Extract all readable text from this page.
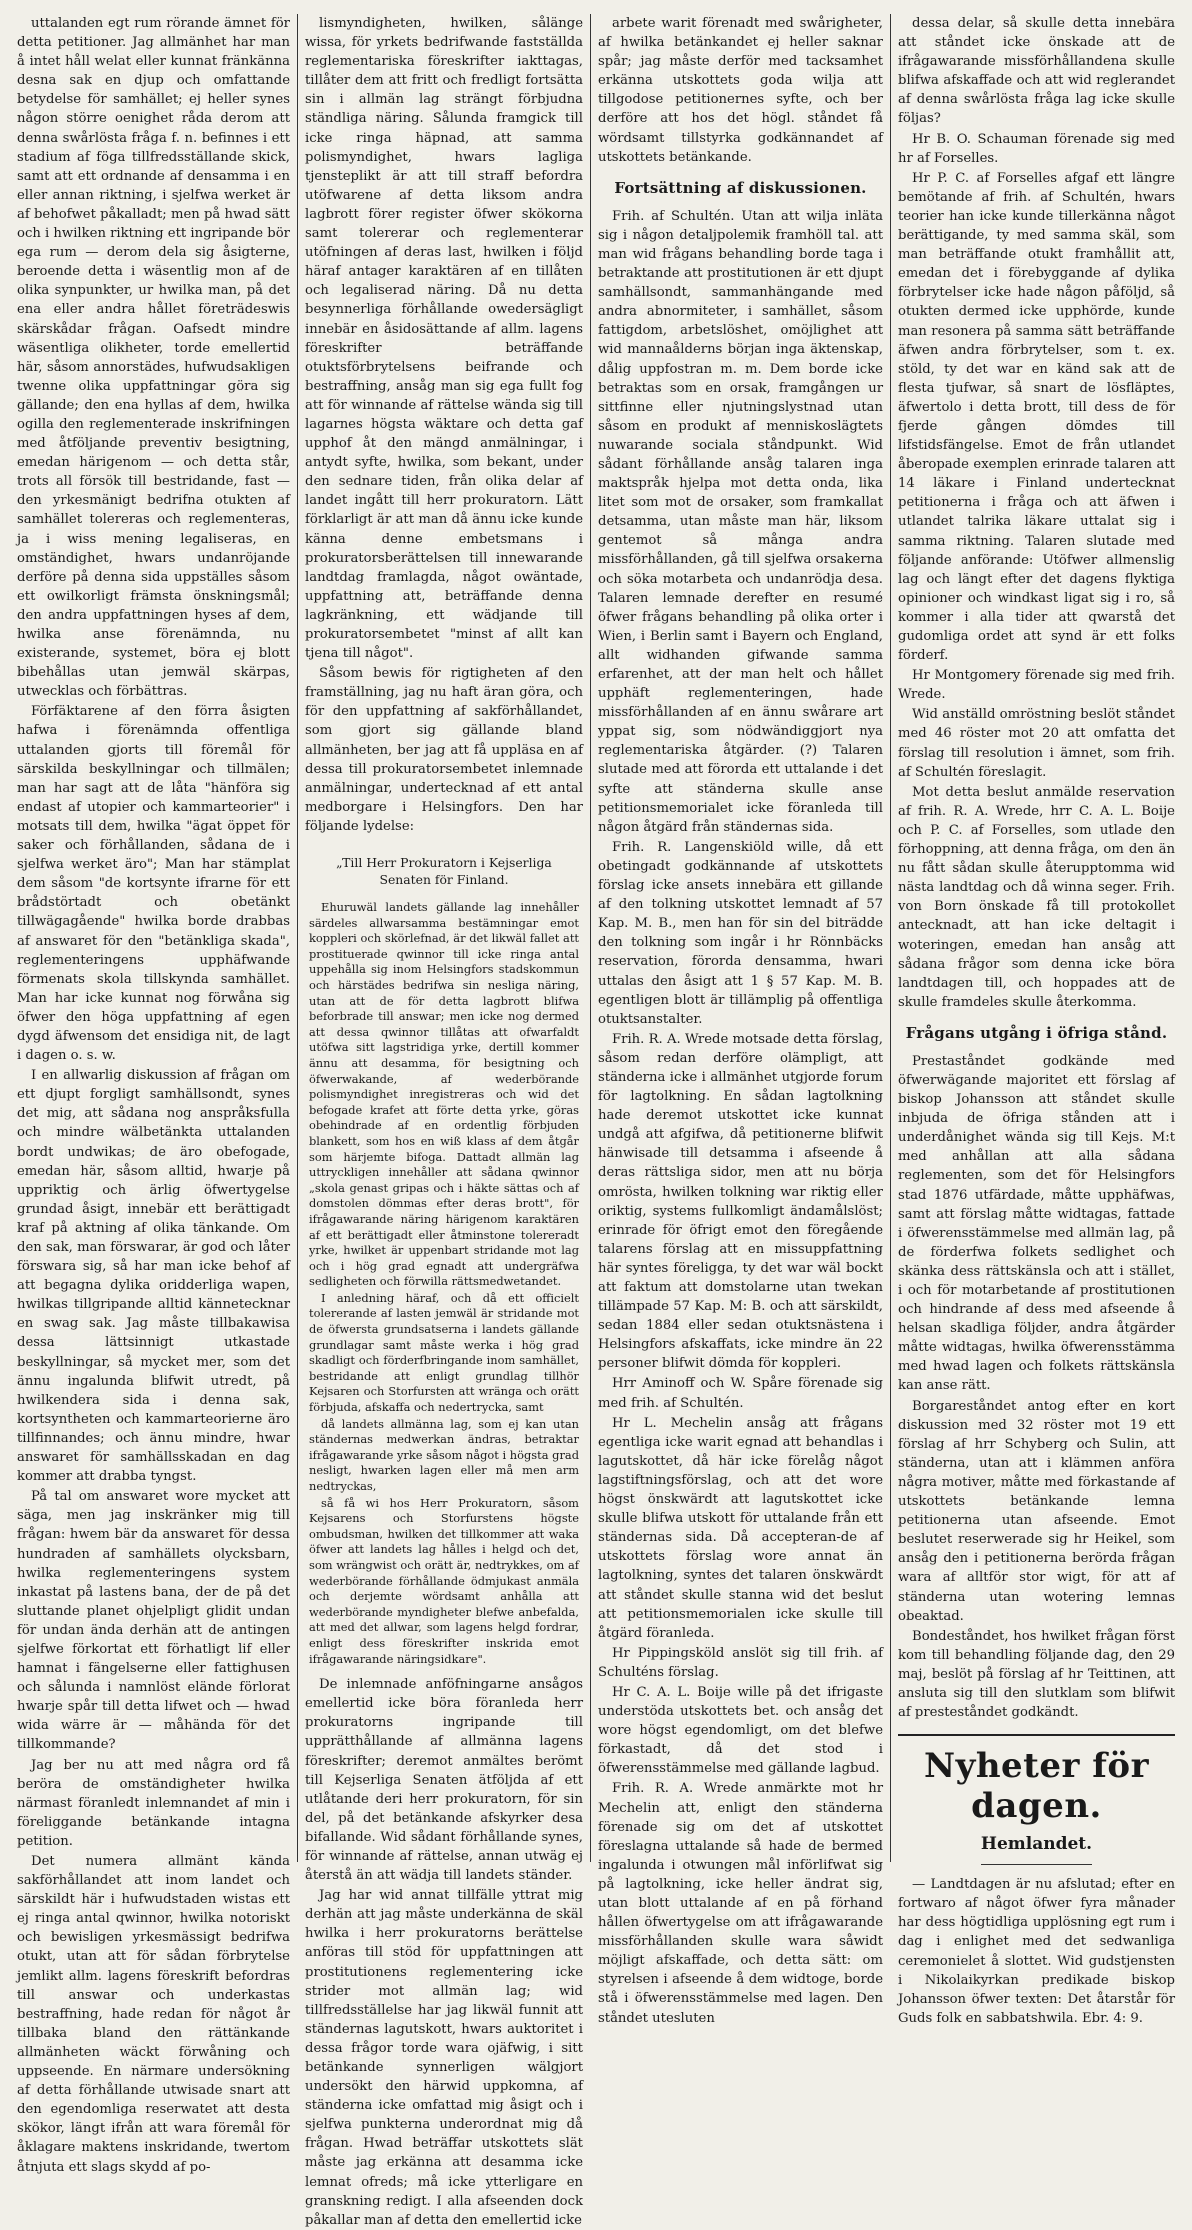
uttalanden egt rum rörande ämnet för detta petitioner. Jag allmänhet har man å intet håll welat eller kunnat fränkänna desna sak en djup och omfattande betydelse för samhället; ej heller synes någon större oenighet råda derom att denna swårlösta fråga f. n. befinnes i ett stadium af föga tillfredsställande skick, samt att ett ordnande af densamma i en eller annan riktning, i sjelfwa werket är af behofwet påkalladt; men på hwad sätt och i hwilken riktning ett ingripande bör ega rum — derom dela sig åsigterne, beroende detta i wäsentlig mon af de olika synpunkter, ur hwilka man, på det ena eller andra hållet företrädeswis skärskådar frågan. Oafsedt mindre wäsentliga olikheter, torde emellertid här, såsom annorstädes, hufwudsakligen twenne olika uppfattningar göra sig gällande; den ena hyllas af dem, hwilka ogilla den reglementerade inskrifningen med åtföljande preventiv besigtning, emedan härigenom — och detta står, trots all försök till bestridande, fast — den yrkesmänigt bedrifna otukten af samhället tolereras och reglementeras, ja i wiss mening legaliseras, en omständighet, hwars undanröjande derföre på denna sida uppställes såsom ett owilkorligt främsta önskningsmål; den andra uppfattningen hyses af dem, hwilka anse förenämnda, nu existerande, systemet, böra ej blott bibehållas utan jemwäl skärpas, utwecklas och förbättras.

Förfäktarene af den förra åsigten hafwa i förenämnda offentliga uttalanden gjorts till föremål för särskilda beskyllningar och tillmälen; man har sagt att de låta "hänföra sig endast af utopier och kammarteorier" i motsats till dem, hwilka "ägat öppet för saker och förhållanden, sådana de i sjelfwa werket äro"; Man har stämplat dem såsom "de kortsynte ifrarne för ett brådstörtadt och obetänkt tillwägagående" hwilka borde drabbas af answaret för den "betänkliga skada", reglementeringens upphäfwande förmenats skola tillskynda samhället. Man har icke kunnat nog förwåna sig öfwer den höga uppfattning af egen dygd äfwensom det ensidiga nit, de lagt i dagen o. s. w.

I en allwarlig diskussion af frågan om ett djupt forgligt samhällsondt, synes det mig, att sådana nog anspråksfulla och mindre wälbetänkta uttalanden bordt undwikas; de äro obefogade, emedan här, såsom alltid, hwarje på uppriktig och ärlig öfwertygelse grundad åsigt, innebär ett berättigadt kraf på aktning af olika tänkande. Om den sak, man förswarar, är god och låter förswara sig, så har man icke behof af att begagna dylika oridderliga wapen, hwilkas tillgripande alltid kännetecknar en swag sak. Jag måste tillbakawisa dessa lättsinnigt utkastade beskyllningar, så mycket mer, som det ännu ingalunda blifwit utredt, på hwilkendera sida i denna sak, kortsyntheten och kammarteorierne äro tillfinnandes; och ännu mindre, hwar answaret för samhällsskadan en dag kommer att drabba tyngst.

På tal om answaret wore mycket att säga, men jag inskränker mig till frågan: hwem bär da answaret för dessa hundraden af samhällets olycksbarn, hwilka reglementeringens system inkastat på lastens bana, der de på det sluttande planet ohjelpligt glidit undan för undan ända derhän att de antingen sjelfwe förkortat ett förhatligt lif eller hamnat i fängelserne eller fattighusen och sålunda i namnlöst elände förlorat hwarje spår till detta lifwet och — hwad wida wärre är — måhända för det tillkommande?

Jag ber nu att med några ord få beröra de omständigheter hwilka närmast föranledt inlemnandet af min i föreliggande betänkande intagna petition.

Det numera allmänt kända sakförhållandet att inom landet och särskildt här i hufwudstaden wistas ett ej ringa antal qwinnor, hwilka notoriskt och bewisligen yrkesmässigt bedrifwa otukt, utan att för sådan förbrytelse jemlikt allm. lagens föreskrift befordras till answar och underkastas bestraffning, hade redan för något år tillbaka bland den rättänkande allmänheten wäckt förwåning och uppseende. En närmare undersökning af detta förhållande utwisade snart att den egendomliga reserwatet att desta skökor, längt ifrån att wara föremål för åklagare maktens inskridande, twertom åtnjuta ett slags skydd af po-

lismyndigheten, hwilken, sålänge wissa, för yrkets bedrifwande fastställda reglementariska föreskrifter iakttagas, tillåter dem att fritt och fredligt fortsätta sin i allmän lag strängt förbjudna ständliga näring. Sålunda framgick till icke ringa häpnad, att samma polismyndighet, hwars lagliga tjensteplikt är att till straff befordra utöfwarene af detta liksom andra lagbrott förer register öfwer skökorna samt tolererar och reglementerar utöfningen af deras last, hwilken i följd häraf antager karaktären af en tillåten och legaliserad näring. Då nu detta besynnerliga förhållande owedersägligt innebär en åsidosättande af allm. lagens föreskrifter beträffande otuktsförbrytelsens beifrande och bestraffning, ansåg man sig ega fullt fog att för winnande af rättelse wända sig till lagarnes högsta wäktare och detta gaf upphof åt den mängd anmälningar, i antydt syfte, hwilka, som bekant, under den sednare tiden, från olika delar af landet ingått till herr prokuratorn. Lätt förklarligt är att man då ännu icke kunde känna denne embetsmans i prokuratorsberättelsen till innewarande landtdag framlagda, något owäntade, uppfattning att, beträffande denna lagkränkning, ett wädjande till prokuratorsembetet "minst af allt kan tjena till något".

Såsom bewis för rigtigheten af den framställning, jag nu haft äran göra, och för den uppfattning af sakförhållandet, som gjort sig gällande bland allmänheten, ber jag att få uppläsa en af dessa till prokuratorsembetet inlemnade anmälningar, undertecknad af ett antal medborgare i Helsingfors. Den har följande lydelse:

„Till Herr Prokuratorn i Kejserliga Senaten för Finland.

Ehuruwäl landets gällande lag innehåller särdeles allwarsamma bestämningar emot koppleri och skörlefnad, är det likwäl fallet att prostituerade qwinnor till icke ringa antal uppehålla sig inom Helsingfors stadskommun och härstädes bedrifwa sin nesliga näring, utan att de för detta lagbrott blifwa beforbrade till answar; men icke nog dermed att dessa qwinnor tillåtas att ofwarfaldt utöfwa sitt lagstridiga yrke, dertill kommer ännu att desamma, för besigtning och öfwerwakande, af wederbörande polismyndighet inregistreras och wid det befogade krafet att förte detta yrke, göras obehindrade af en ordentlig förbjuden blankett, som hos en wiß klass af dem åtgår som härjemte bifoga. Dattadt allmän lag uttryckligen innehåller att sådana qwinnor „skola genast gripas och i häkte sättas och af domstolen dömmas efter deras brott", för ifrågawarande näring härigenom karaktären af ett berättigadt eller åtminstone tolereradt yrke, hwilket är uppenbart stridande mot lag och i hög grad egnadt att undergräfwa sedligheten och förwilla rättsmedwetandet.

I anledning häraf, och då ett officielt tolererande af lasten jemwäl är stridande mot de öfwersta grundsatserna i landets gällande grundlagar samt måste werka i hög grad skadligt och förderfbringande inom samhället, bestridande att enligt grundlag tillhör Kejsaren och Storfursten att wränga och orätt förbjuda, afskaffa och nedertrycka, samt

då landets allmänna lag, som ej kan utan ständernas medwerkan ändras, betraktar ifrågawarande yrke såsom något i högsta grad nesligt, hwarken lagen eller må men arm nedtryckas,

så få wi hos Herr Prokuratorn, såsom Kejsarens och Storfurstens högste ombudsman, hwilken det tillkommer att waka öfwer att landets lag hålles i helgd och det, som wrängwist och orätt är, nedtrykkes, om af wederbörande förhållande ödmjukast anmäla och derjemte wördsamt anhålla att wederbörande myndigheter blefwe anbefalda, att med det allwar, som lagens helgd fordrar, enligt dess föreskrifter inskrida emot ifrågawarande näringsidkare".

De inlemnade anföfningarne ansågos emellertid icke böra föranleda herr prokuratorns ingripande till upprätthållande af allmänna lagens föreskrifter; deremot anmältes berömt till Kejserliga Senaten ätföljda af ett utlåtande deri herr prokuratorn, för sin del, på det betänkande afskyrker desa bifallande. Wid sådant förhållande synes, för winnande af rättelse, annan utwäg ej återstå än att wädja till landets ständer.

Jag har wid annat tillfälle yttrat mig derhän att jag måste underkänna de skäl hwilka i herr prokuratorns berättelse anföras till stöd för uppfattningen att prostitutionens reglementering icke strider mot allmän lag; wid tillfredsställelse har jag likwäl funnit att ständernas lagutskott, hwars auktoritet i dessa frågor torde wara ojäfwig, i sitt betänkande synnerligen wälgjort undersökt den härwid uppkomna, af ständerna icke omfattad mig åsigt och i sjelfwa punkterna underordnat mig då frågan. Hwad beträffar utskottets slät måste jag erkänna att desamma icke lemnat ofreds; må icke ytterligare en granskning redigt. I alla afseenden dock påkallar man af detta den emellertid icke

arbete warit förenadt med swårigheter, af hwilka betänkandet ej heller saknar spår; jag måste derför med tacksamhet erkänna utskottets goda wilja att tillgodose petitionernes syfte, och ber derföre att hos det högl. ståndet få wördsamt tillstyrka godkännandet af utskottets betänkande.

Fortsättning af diskussionen.

Frih. af Schultén. Utan att wilja inläta sig i någon detaljpolemik framhöll tal. att man wid frågans behandling borde taga i betraktande att prostitutionen är ett djupt samhällsondt, sammanhängande med andra abnormiteter, i samhället, såsom fattigdom, arbetslöshet, omöjlighet att wid mannaålderns början inga äktenskap, dålig uppfostran m. m. Dem borde icke betraktas som en orsak, framgången ur sittfinne eller njutningslystnad utan såsom en produkt af menniskoslägtets nuwarande sociala ståndpunkt. Wid sådant förhållande ansåg talaren inga maktspråk hjelpa mot detta onda, lika litet som mot de orsaker, som framkallat detsamma, utan måste man här, liksom gentemot så många andra missförhållanden, gå till sjelfwa orsakerna och söka motarbeta och undanrödja desa. Talaren lemnade derefter en resumé öfwer frågans behandling på olika orter i Wien, i Berlin samt i Bayern och England, allt widhanden gifwande samma erfarenhet, att der man helt och hållet upphäft reglementeringen, hade missförhållanden af en ännu swårare art yppat sig, som nödwändiggjort nya reglementariska åtgärder. (?) Talaren slutade med att förorda ett uttalande i det syfte att ständerna skulle anse petitionsmemorialet icke föranleda till någon åtgärd från ständernas sida.

Frih. R. Langenskiöld wille, då ett obetingadt godkännande af utskottets förslag icke ansets innebära ett gillande af den tolkning utskottet lemnadt af 57 Kap. M. B., men han för sin del biträdde den tolkning som ingår i hr Rönnbäcks reservation, förorda densamma, hwari uttalas den åsigt att 1 § 57 Kap. M. B. egentligen blott är tillämplig på offentliga otuktsanstalter.

Frih. R. A. Wrede motsade detta förslag, såsom redan derföre olämpligt, att ständerna icke i allmänhet utgjorde forum för lagtolkning. En sådan lagtolkning hade deremot utskottet icke kunnat undgå att afgifwa, då petitionerne blifwit hänwisade till detsamma i afseende å deras rättsliga sidor, men att nu börja omrösta, hwilken tolkning war riktig eller oriktig, systems fullkomligt ändamålslöst; erinrade för öfrigt emot den föregående talarens förslag att en missuppfattning här syntes föreligga, ty det war wäl bockt att faktum att domstolarne utan twekan tillämpade 57 Kap. M: B. och att särskildt, sedan 1884 eller sedan otuktsnästena i Helsingfors afskaffats, icke mindre än 22 personer blifwit dömda för koppleri.

Hrr Aminoff och W. Spåre förenade sig med frih. af Schultén.

Hr L. Mechelin ansåg att frågans egentliga icke warit egnad att behandlas i lagutskottet, då här icke förelåg något lagstiftningsförslag, och att det wore högst önskwärdt att lagutskottet icke skulle blifwa utskott för uttalande från ett ständernas sida. Då accepteran-de af utskottets förslag wore annat än lagtolkning, syntes det talaren önskwärdt att ståndet skulle stanna wid det beslut att petitionsmemorialen icke skulle till åtgärd föranleda.

Hr Pippingsköld anslöt sig till frih. af Schulténs förslag.

Hr C. A. L. Boije wille på det ifrigaste understöda utskottets bet. och ansåg det wore högst egendomligt, om det blefwe förkastadt, då det stod i öfwerensstämmelse med gällande lagbud.

Frih. R. A. Wrede anmärkte mot hr Mechelin att, enligt den ständerna förenade sig om det af utskottet föreslagna uttalande så hade de bermed ingalunda i otwungen mål införlifwat sig på lagtolkning, icke heller ändrat sig, utan blott uttalande af en på förhand hållen öfwertygelse om att ifrågawarande missförhållanden skulle wara såwidt möjligt afskaffade, och detta sätt: om styrelsen i afseende å dem widtoge, borde stå i öfwerensstämmelse med lagen. Den ståndet utesluten

dessa delar, så skulle detta innebära att ståndet icke önskade att de ifrågawarande missförhållandena skulle blifwa afskaffade och att wid reglerandet af denna swårlösta fråga lag icke skulle följas?

Hr B. O. Schauman förenade sig med hr af Forselles.

Hr P. C. af Forselles afgaf ett längre bemötande af frih. af Schultén, hwars teorier han icke kunde tillerkänna något berättigande, ty med samma skäl, som man beträffande otukt framhållit att, emedan det i förebyggande af dylika förbrytelser icke hade någon påföljd, så otukten dermed icke upphörde, kunde man resonera på samma sätt beträffande äfwen andra förbrytelser, som t. ex. stöld, ty det war en känd sak att de flesta tjufwar, så snart de lösfläptes, äfwertolo i detta brott, till dess de för fjerde gången dömdes till lifstidsfängelse. Emot de från utlandet åberopade exemplen erinrade talaren att 14 läkare i Finland undertecknat petitionerna i fråga och att äfwen i utlandet talrika läkare uttalat sig i samma riktning. Talaren slutade med följande anförande: Utöfwer allmenslig lag och längt efter det dagens flyktiga opinioner och windkast ligat sig i ro, så kommer i alla tider att qwarstå det gudomliga ordet att synd är ett folks förderf.

Hr Montgomery förenade sig med frih. Wrede.

Wid anställd omröstning beslöt ståndet med 46 röster mot 20 att omfatta det förslag till resolution i ämnet, som frih. af Schultén föreslagit.

Mot detta beslut anmälde reservation af frih. R. A. Wrede, hrr C. A. L. Boije och P. C. af Forselles, som utlade den förhoppning, att denna fråga, om den än nu fått sådan skulle återupptomma wid nästa landtdag och då winna seger. Frih. von Born önskade få till protokollet antecknadt, att han icke deltagit i woteringen, emedan han ansåg att sådana frågor som denna icke böra landtdagen till, och hoppades att de skulle framdeles skulle återkomma.

Frågans utgång i öfriga stånd.

Prestaståndet godkände med öfwerwägande majoritet ett förslag af biskop Johansson att ståndet skulle inbjuda de öfriga stånden att i underdånighet wända sig till Kejs. M:t med anhållan att alla sådana reglementen, som det för Helsingfors stad 1876 utfärdade, måtte upphäfwas, samt att förslag måtte widtagas, fattade i öfwerensstämmelse med allmän lag, på de förderfwa folkets sedlighet och skänka dess rättskänsla och att i stället, i och för motarbetande af prostitutionen och hindrande af dess med afseende å helsan skadliga följder, andra åtgärder måtte widtagas, hwilka öfwerensstämma med hwad lagen och folkets rättskänsla kan anse rätt.

Borgareståndet antog efter en kort diskussion med 32 röster mot 19 ett förslag af hrr Schyberg och Sulin, att ständerna, utan att i klämmen anföra några motiver, måtte med förkastande af utskottets betänkande lemna petitionerna utan afseende. Emot beslutet reserwerade sig hr Heikel, som ansåg den i petitionerna berörda frågan wara af alltför stor wigt, för att af ständerna utan wotering lemnas obeaktad.

Bondeståndet, hos hwilket frågan först kom till behandling följande dag, den 29 maj, beslöt på förslag af hr Teittinen, att ansluta sig till den slutklam som blifwit af presteståndet godkändt.

Nyheter för dagen.
Hemlandet.

— Landtdagen är nu afslutad; efter en fortwaro af något öfwer fyra månader har dess högtidliga upplösning egt rum i dag i enlighet med det sedwanliga ceremonielet å slottet. Wid gudstjensten i Nikolaikyrkan predikade biskop Johansson öfwer texten: Det åtarstår för Guds folk en sabbatshwila. Ebr. 4: 9.
